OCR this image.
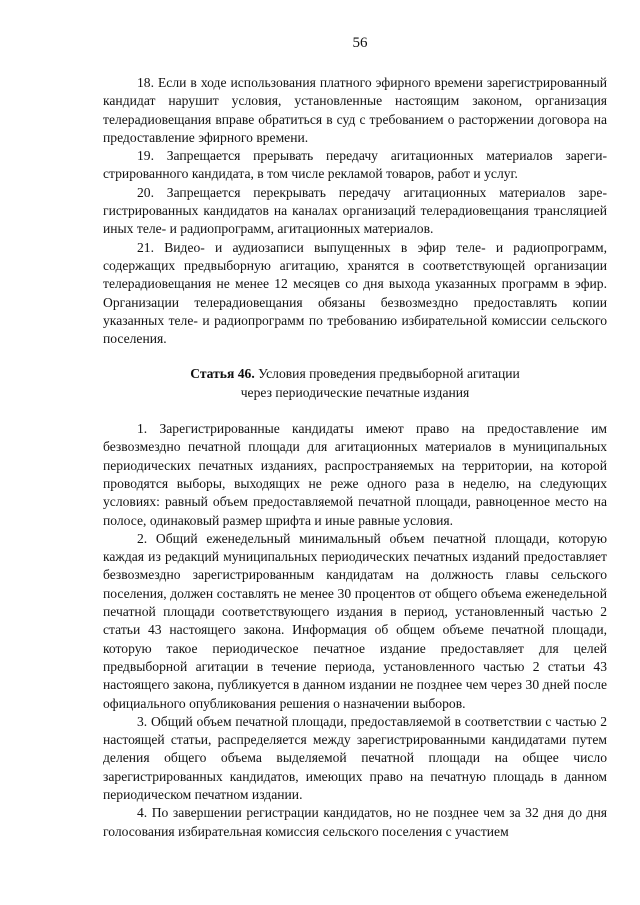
56

18. Если в ходе использования платного эфирного времени зарегистрированный кандидат нарушит условия, установленные настоящим законом, организация телерадиовещания вправе обратиться в суд с требованием о расторжении договора на предоставление эфирного времени.

19. Запрещается прерывать передачу агитационных материалов зарегистрированного кандидата, в том числе рекламой товаров, работ и услуг.

20. Запрещается перекрывать передачу агитационных материалов зарегистрированных кандидатов на каналах организаций телерадиовещания трансляцией иных теле- и радиопрограмм, агитационных материалов.

21. Видео- и аудиозаписи выпущенных в эфир теле- и радиопрограмм, содержащих предвыборную агитацию, хранятся в соответствующей организации телерадиовещания не менее 12 месяцев со дня выхода указанных программ в эфир. Организации телерадиовещания обязаны безвозмездно предоставлять копии указанных теле- и радиопрограмм по требованию избирательной комиссии сельского поселения.

Статья 46. Условия проведения предвыборной агитации
через периодические печатные издания

1. Зарегистрированные кандидаты имеют право на предоставление им безвозмездно печатной площади для агитационных материалов в муниципальных периодических печатных изданиях, распространяемых на территории, на которой проводятся выборы, выходящих не реже одного раза в неделю, на следующих условиях: равный объем предоставляемой печатной площади, равноценное место на полосе, одинаковый размер шрифта и иные равные условия.

2. Общий еженедельный минимальный объем печатной площади, которую каждая из редакций муниципальных периодических печатных изданий предоставляет безвозмездно зарегистрированным кандидатам на должность главы сельского поселения, должен составлять не менее 30 процентов от общего объема еженедельной печатной площади соответствующего издания в период, установленный частью 2 статьи 43 настоящего закона. Информация об общем объеме печатной площади, которую такое периодическое печатное издание предоставляет для целей предвыборной агитации в течение периода, установленного частью 2 статьи 43 настоящего закона, публикуется в данном издании не позднее чем через 30 дней после официального опубликования решения о назначении выборов.

3. Общий объем печатной площади, предоставляемой в соответствии с частью 2 настоящей статьи, распределяется между зарегистрированными кандидатами путем деления общего объема выделяемой печатной площади на общее число зарегистрированных кандидатов, имеющих право на печатную площадь в данном периодическом печатном издании.

4. По завершении регистрации кандидатов, но не позднее чем за 32 дня до дня голосования избирательная комиссия сельского поселения с участием
